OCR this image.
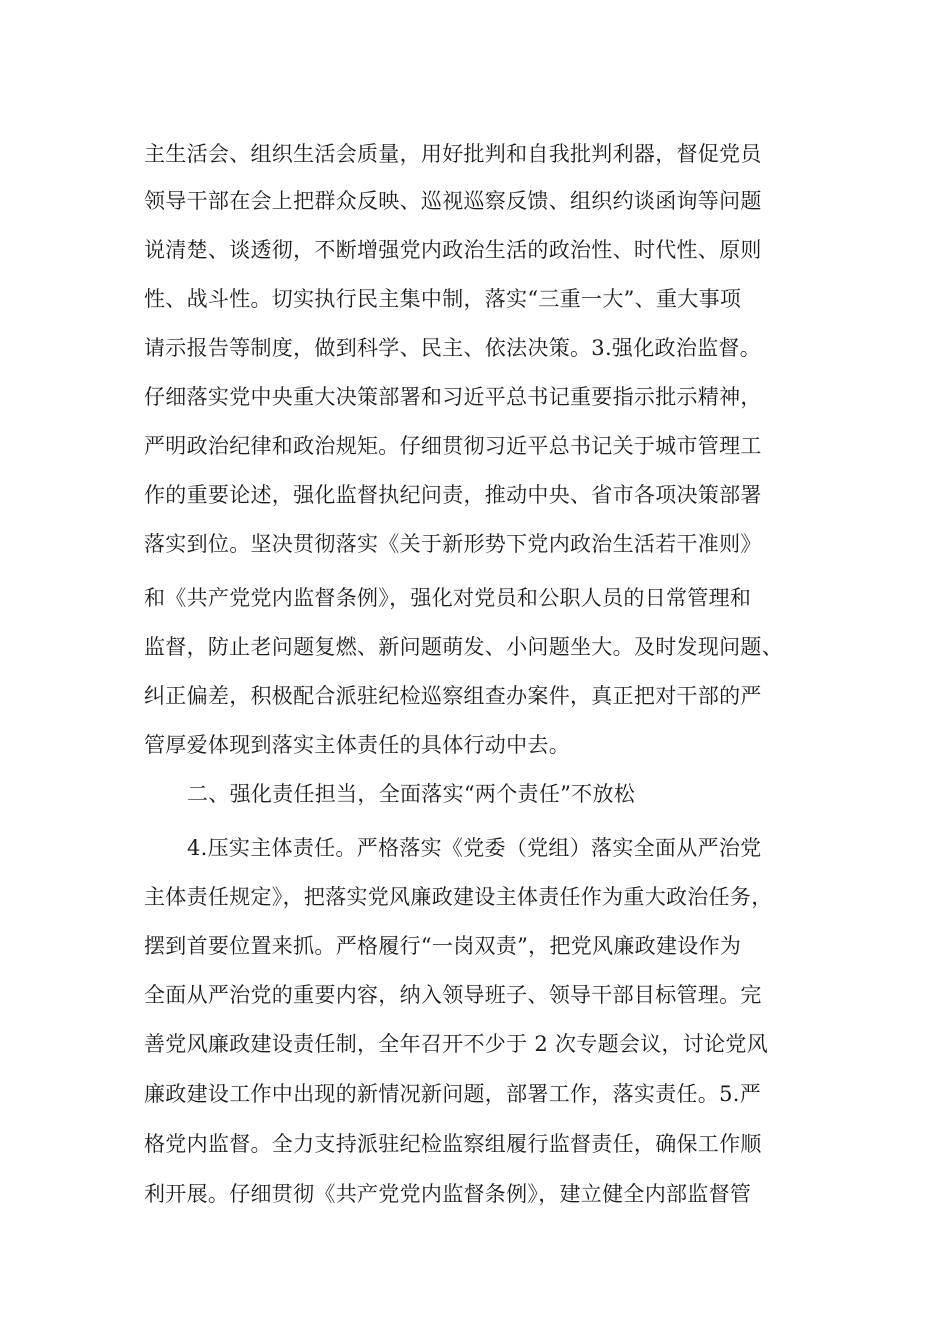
主生活会、组织生活会质量，用好批判和自我批判利器，督促党员
领导干部在会上把群众反映、巡视巡察反馈、组织约谈函询等问题
说清楚、谈透彻，不断增强党内政治生活的政治性、时代性、原则
性、战斗性。切实执行民主集中制，落实“三重一大”、重大事项
请示报告等制度，做到科学、民主、依法决策。3.强化政治监督。
仔细落实党中央重大决策部署和习近平总书记重要指示批示精神，
严明政治纪律和政治规矩。仔细贯彻习近平总书记关于城市管理工
作的重要论述，强化监督执纪问责，推动中央、省市各项决策部署
落实到位。坚决贯彻落实《关于新形势下党内政治生活若干准则》
和《共产党党内监督条例》，强化对党员和公职人员的日常管理和
监督，防止老问题复燃、新问题萌发、小问题坐大。及时发现问题、
纠正偏差，积极配合派驻纪检巡察组查办案件，真正把对干部的严
管厚爱体现到落实主体责任的具体行动中去。
二、强化责任担当，全面落实“两个责任”不放松
4.压实主体责任。严格落实《党委（党组）落实全面从严治党
主体责任规定》，把落实党风廉政建设主体责任作为重大政治任务，
摆到首要位置来抓。严格履行“一岗双责”，把党风廉政建设作为
全面从严治党的重要内容，纳入领导班子、领导干部目标管理。完
善党风廉政建设责任制，全年召开不少于 2 次专题会议，讨论党风
廉政建设工作中出现的新情况新问题，部署工作，落实责任。5.严
格党内监督。全力支持派驻纪检监察组履行监督责任，确保工作顺
利开展。仔细贯彻《共产党党内监督条例》，建立健全内部监督管
